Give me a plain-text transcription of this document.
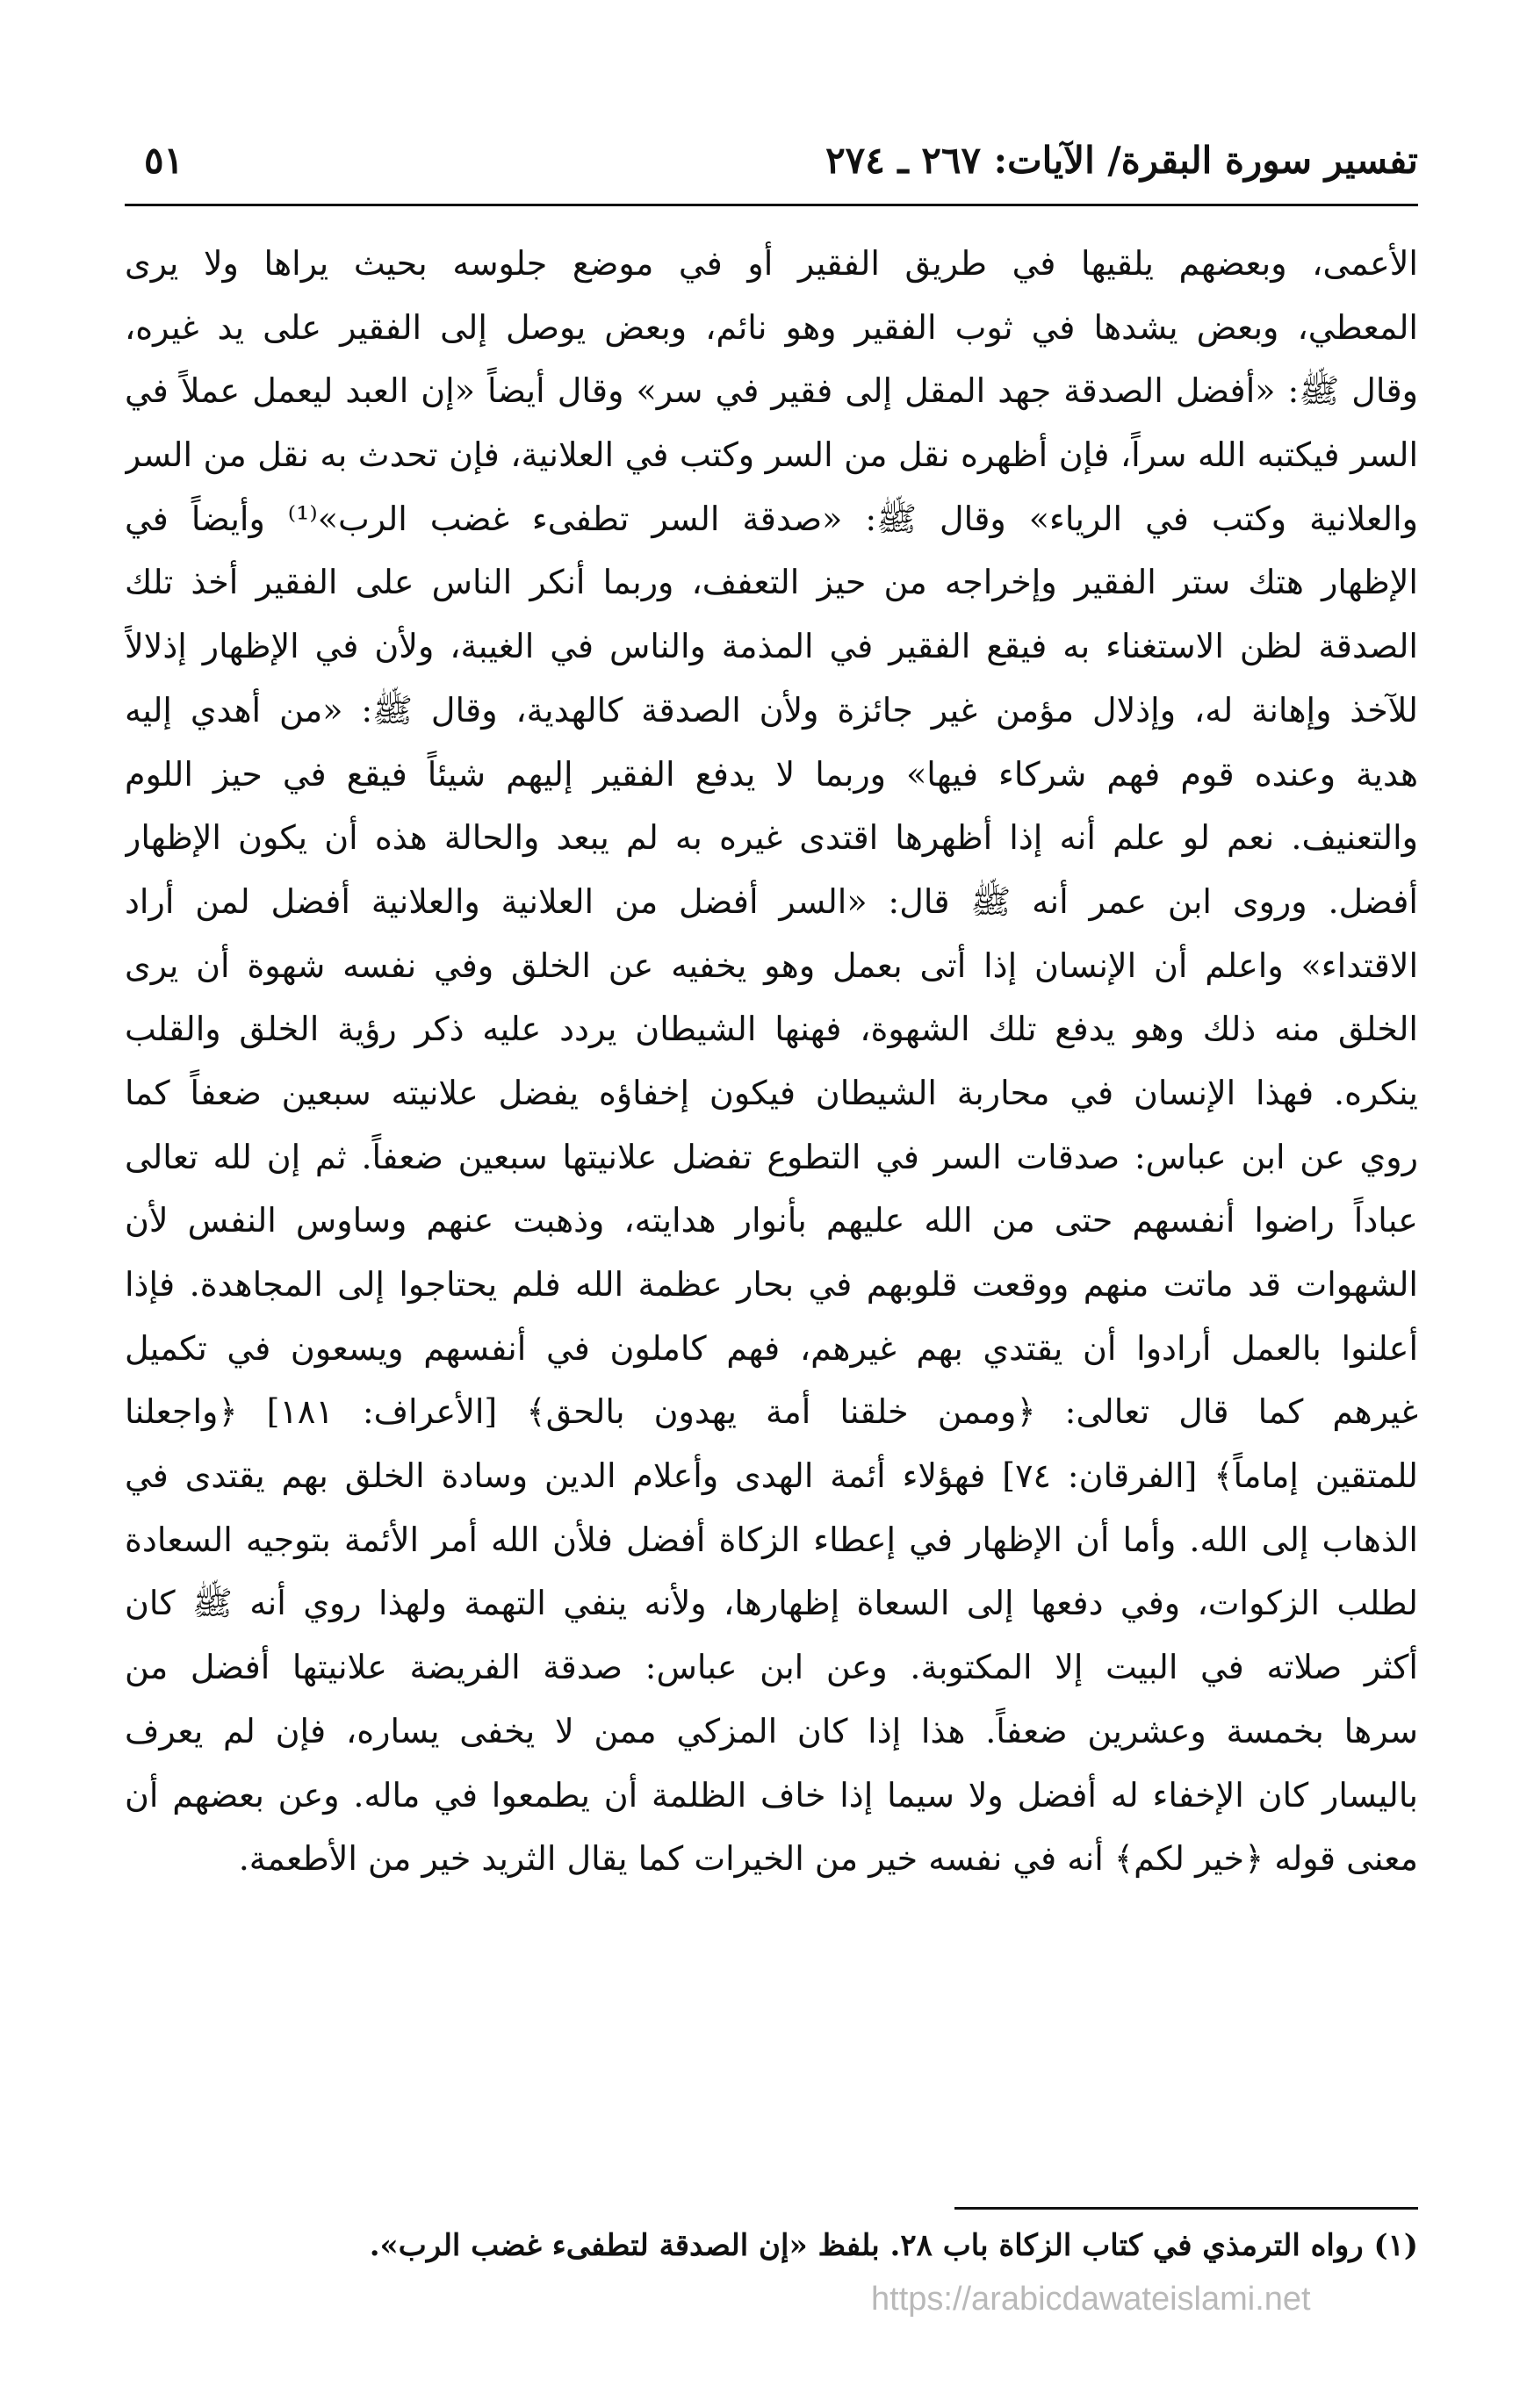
تفسير سورة البقرة/ الآيات: ٢٦٧ ـ ٢٧٤
٥١
الأعمى، وبعضهم يلقيها في طريق الفقير أو في موضع جلوسه بحيث يراها ولا يرى
المعطي، وبعض يشدها في ثوب الفقير وهو نائم، وبعض يوصل إلى الفقير على يد غيره،
وقال ﷺ: «أفضل الصدقة جهد المقل إلى فقير في سر» وقال أيضاً «إن العبد ليعمل عملاً في
السر فيكتبه الله سراً، فإن أظهره نقل من السر وكتب في العلانية، فإن تحدث به نقل من السر
والعلانية وكتب في الرياء» وقال ﷺ: «صدقة السر تطفىء غضب الرب»⁽¹⁾ وأيضاً في
الإظهار هتك ستر الفقير وإخراجه من حيز التعفف، وربما أنكر الناس على الفقير أخذ تلك
الصدقة لظن الاستغناء به فيقع الفقير في المذمة والناس في الغيبة، ولأن في الإظهار إذلالاً
للآخذ وإهانة له، وإذلال مؤمن غير جائزة ولأن الصدقة كالهدية، وقال ﷺ: «من أهدي إليه
هدية وعنده قوم فهم شركاء فيها» وربما لا يدفع الفقير إليهم شيئاً فيقع في حيز اللوم
والتعنيف. نعم لو علم أنه إذا أظهرها اقتدى غيره به لم يبعد والحالة هذه أن يكون الإظهار
أفضل. وروى ابن عمر أنه ﷺ قال: «السر أفضل من العلانية والعلانية أفضل لمن أراد
الاقتداء» واعلم أن الإنسان إذا أتى بعمل وهو يخفيه عن الخلق وفي نفسه شهوة أن يرى
الخلق منه ذلك وهو يدفع تلك الشهوة، فهنها الشيطان يردد عليه ذكر رؤية الخلق والقلب
ينكره. فهذا الإنسان في محاربة الشيطان فيكون إخفاؤه يفضل علانيته سبعين ضعفاً كما
روي عن ابن عباس: صدقات السر في التطوع تفضل علانيتها سبعين ضعفاً. ثم إن لله تعالى
عباداً راضوا أنفسهم حتى من الله عليهم بأنوار هدايته، وذهبت عنهم وساوس النفس لأن
الشهوات قد ماتت منهم ووقعت قلوبهم في بحار عظمة الله فلم يحتاجوا إلى المجاهدة. فإذا
أعلنوا بالعمل أرادوا أن يقتدي بهم غيرهم، فهم كاملون في أنفسهم ويسعون في تكميل
غيرهم كما قال تعالى: ﴿وممن خلقنا أمة يهدون بالحق﴾ [الأعراف: ١٨١] ﴿واجعلنا
للمتقين إماماً﴾ [الفرقان: ٧٤] فهؤلاء أئمة الهدى وأعلام الدين وسادة الخلق بهم يقتدى في
الذهاب إلى الله. وأما أن الإظهار في إعطاء الزكاة أفضل فلأن الله أمر الأئمة بتوجيه السعادة
لطلب الزكوات، وفي دفعها إلى السعاة إظهارها، ولأنه ينفي التهمة ولهذا روي أنه ﷺ كان
أكثر صلاته في البيت إلا المكتوبة. وعن ابن عباس: صدقة الفريضة علانيتها أفضل من
سرها بخمسة وعشرين ضعفاً. هذا إذا كان المزكي ممن لا يخفى يساره، فإن لم يعرف
باليسار كان الإخفاء له أفضل ولا سيما إذا خاف الظلمة أن يطمعوا في ماله. وعن بعضهم أن
معنى قوله ﴿خير لكم﴾ أنه في نفسه خير من الخيرات كما يقال الثريد خير من الأطعمة.
(١) رواه الترمذي في كتاب الزكاة باب ٢٨. بلفظ «إن الصدقة لتطفىء غضب الرب».
https://arabicdawateislami.net
